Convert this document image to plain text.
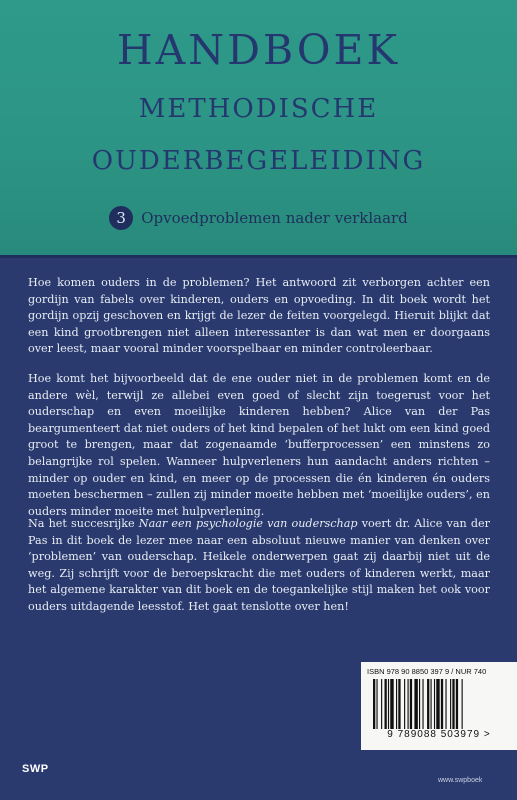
HANDBOEK
METHODISCHE
OUDERBEGELEIDING
3	Opvoedproblemen nader verklaard

Hoe komen ouders in de problemen? Het antwoord zit verborgen achter een gordijn van fabels over kinderen, ouders en opvoeding. In dit boek wordt het gordijn opzij geschoven en krijgt de lezer de feiten voorgelegd. Hieruit blijkt dat een kind grootbrengen niet alleen interessanter is dan wat men er doorgaans over leest, maar vooral minder voorspelbaar en minder controleerbaar.

Hoe komt het bijvoorbeeld dat de ene ouder niet in de problemen komt en de andere wèl, terwijl ze allebei even goed of slecht zijn toegerust voor het ouderschap en even moeilijke kinderen hebben? Alice van der Pas beargumenteert dat niet ouders of het kind bepalen of het lukt om een kind goed groot te brengen, maar dat zogenaamde ‘bufferprocessen’ een minstens zo belangrijke rol spelen. Wanneer hulpverleners hun aandacht anders richten – minder op ouder en kind, en meer op de processen die én kinderen én ouders moeten beschermen – zullen zij minder moeite hebben met ‘moeilijke ouders’, en ouders minder moeite met hulpverlening.

Na het succesrijke Naar een psychologie van ouderschap voert dr. Alice van der Pas in dit boek de lezer mee naar een absoluut nieuwe manier van denken over ‘problemen’ van ouderschap. Heikele onderwerpen gaat zij daarbij niet uit de weg. Zij schrijft voor de beroepskracht die met ouders of kinderen werkt, maar het algemene karakter van dit boek en de toegankelijke stijl maken het ook voor ouders uitdagende leesstof. Het gaat tenslotte over hen!

ISBN 978 90 8850 397 9 / NUR 740
9 789088 503979 >
SWP
www.swpboek
